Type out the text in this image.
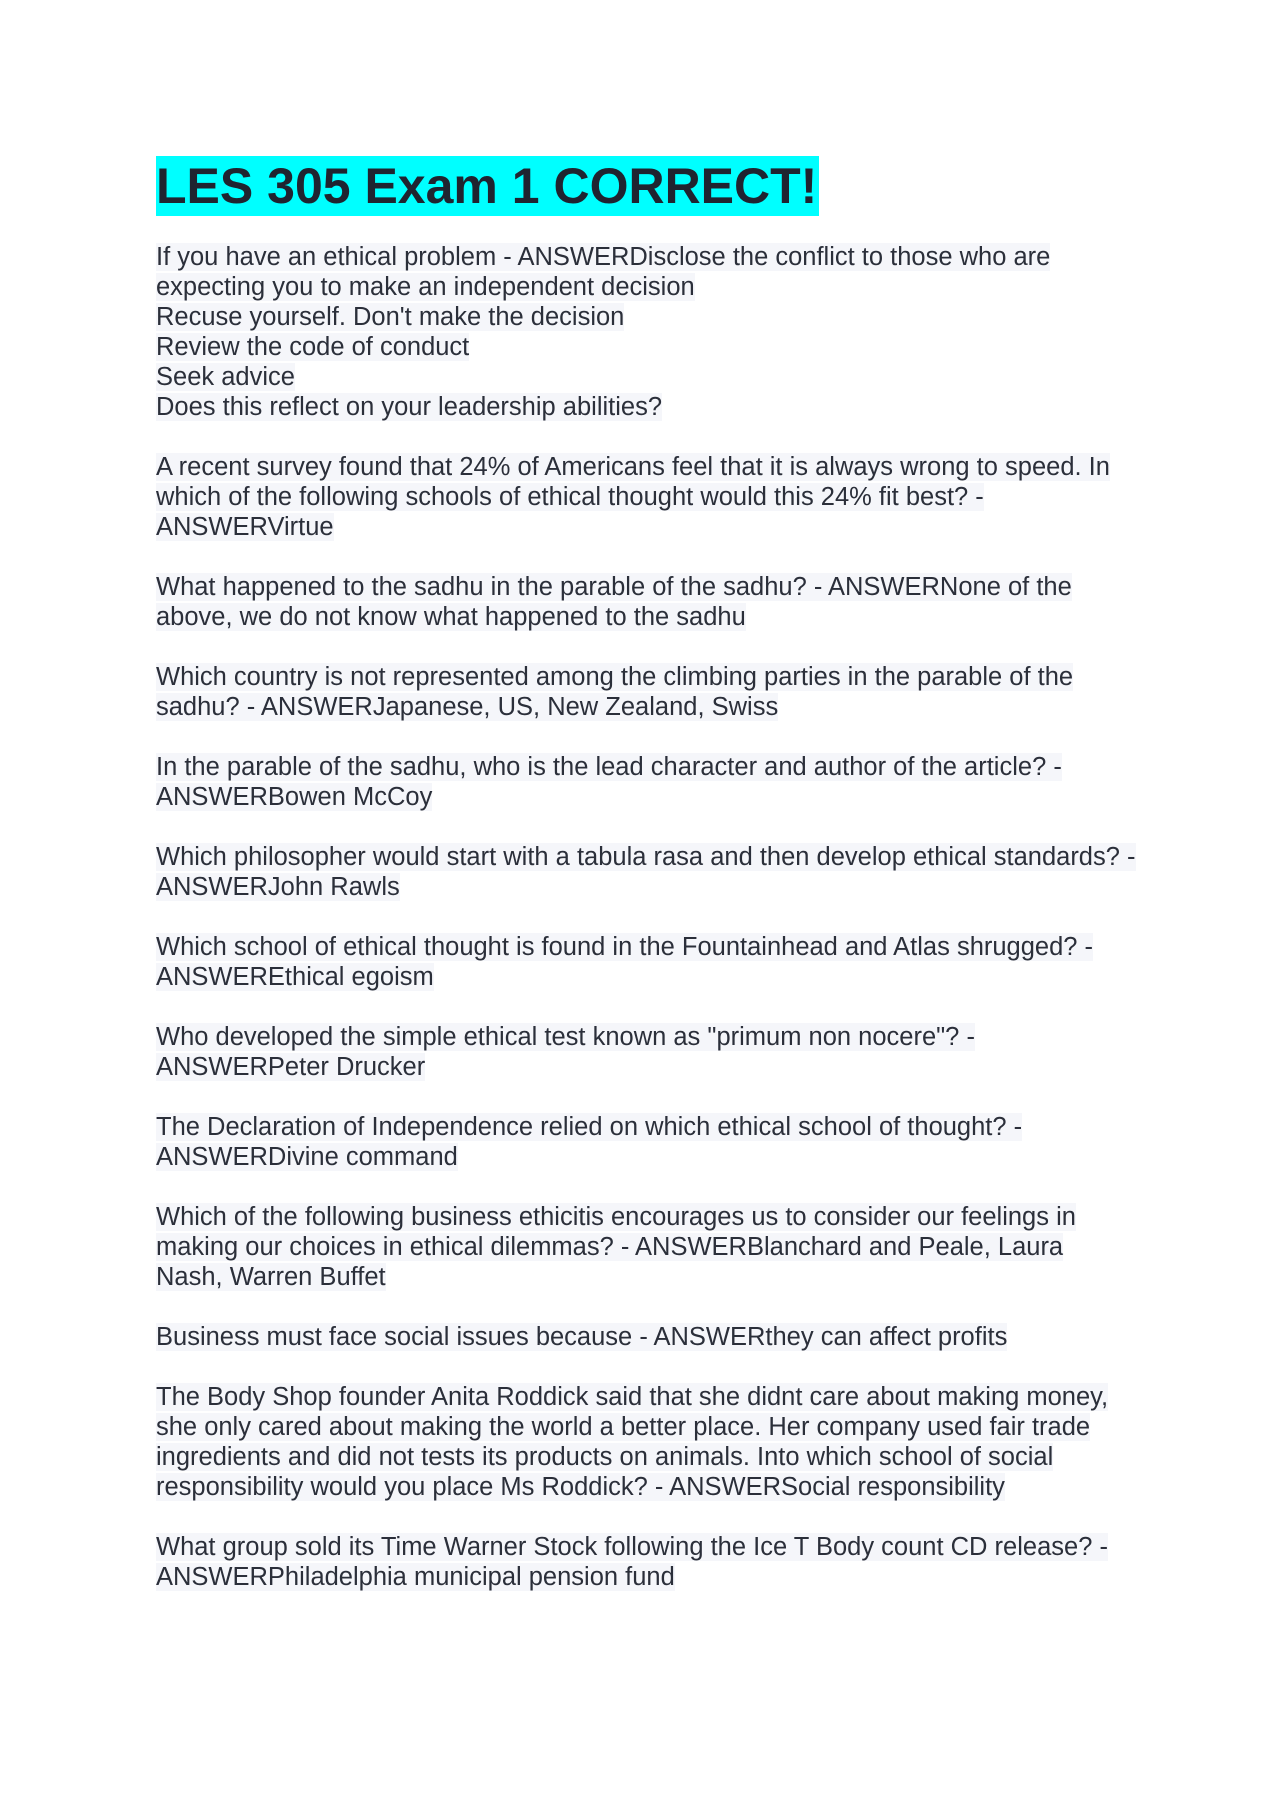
LES 305 Exam 1 CORRECT!

If you have an ethical problem - ANSWERDisclose the conflict to those who are expecting you to make an independent decision
Recuse yourself. Don't make the decision
Review the code of conduct
Seek advice
Does this reflect on your leadership abilities?

A recent survey found that 24% of Americans feel that it is always wrong to speed. In which of the following schools of ethical thought would this 24% fit best? - ANSWERVirtue

What happened to the sadhu in the parable of the sadhu? - ANSWERNone of the above, we do not know what happened to the sadhu

Which country is not represented among the climbing parties in the parable of the sadhu? - ANSWERJapanese, US, New Zealand, Swiss

In the parable of the sadhu, who is the lead character and author of the article? - ANSWERBowen McCoy

Which philosopher would start with a tabula rasa and then develop ethical standards? - ANSWERJohn Rawls

Which school of ethical thought is found in the Fountainhead and Atlas shrugged? - ANSWEREthical egoism

Who developed the simple ethical test known as "primum non nocere"? - ANSWERPeter Drucker

The Declaration of Independence relied on which ethical school of thought? - ANSWERDivine command

Which of the following business ethicitis encourages us to consider our feelings in making our choices in ethical dilemmas? - ANSWERBlanchard and Peale, Laura Nash, Warren Buffet

Business must face social issues because - ANSWERthey can affect profits

The Body Shop founder Anita Roddick said that she didnt care about making money, she only cared about making the world a better place. Her company used fair trade ingredients and did not tests its products on animals. Into which school of social responsibility would you place Ms Roddick? - ANSWERSocial responsibility

What group sold its Time Warner Stock following the Ice T Body count CD release? - ANSWERPhiladelphia municipal pension fund
